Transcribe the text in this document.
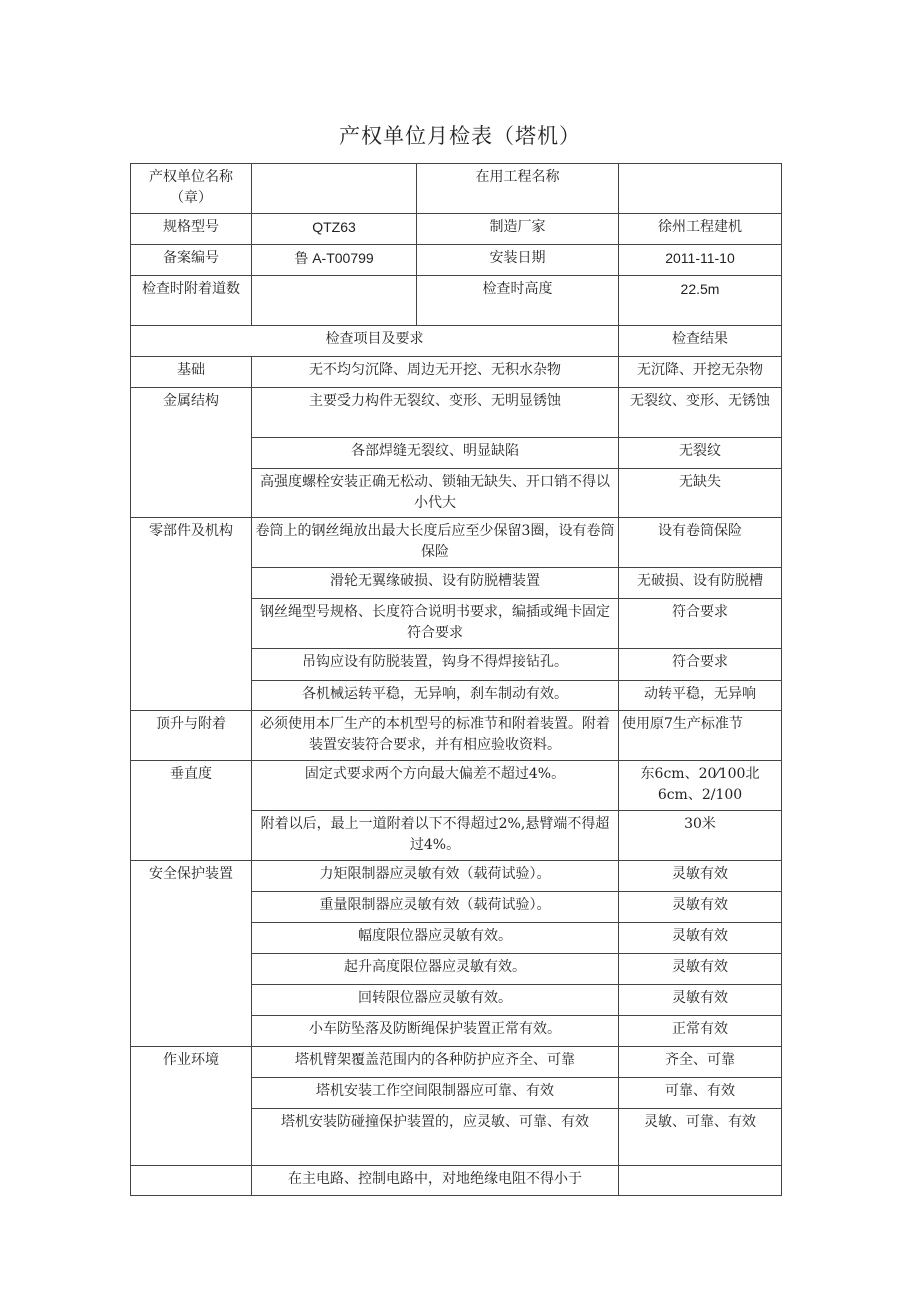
产权单位月检表（塔机）
产权单位名称（章）		在用工程名称	
规格型号	QTZ63	制造厂家	徐州工程建机
备案编号	鲁 A-T00799	安装日期	2011-11-10
检查时附着道数		检查时高度	22.5m
检查项目及要求			检查结果
基础	无不均匀沉降、周边无开挖、无积水杂物		无沉降、开挖无杂物
金属结构	主要受力构件无裂纹、变形、无明显锈蚀		无裂纹、变形、无锈蚀
	各部焊缝无裂纹、明显缺陷		无裂纹
	高强度螺栓安装正确无松动、锁轴无缺失、开口销不得以小代大		无缺失
零部件及机构	卷筒上的钢丝绳放出最大长度后应至少保留3圈，设有卷筒保险		设有卷筒保险
	滑轮无翼缘破损、设有防脱槽装置		无破损、设有防脱槽
	钢丝绳型号规格、长度符合说明书要求，编插或绳卡固定符合要求		符合要求
	吊钩应设有防脱装置，钩身不得焊接钻孔。		符合要求
	各机械运转平稳，无异响，刹车制动有效。		动转平稳，无异响
顶升与附着	必须使用本厂生产的本机型号的标准节和附着装置。附着装置安装符合要求，并有相应验收资料。		使用原7生产标准节
垂直度	固定式要求两个方向最大偏差不超过4%。		东6cm、20⁄100北6cm、2/100
	附着以后，最上一道附着以下不得超过2%,悬臂端不得超过4%。		30米
安全保护装置	力矩限制器应灵敏有效（载荷试验）。		灵敏有效
	重量限制器应灵敏有效（载荷试验）。		灵敏有效
	幅度限位器应灵敏有效。		灵敏有效
	起升高度限位器应灵敏有效。		灵敏有效
	回转限位器应灵敏有效。		灵敏有效
	小车防坠落及防断绳保护装置正常有效。		正常有效
作业环境	塔机臂架覆盖范围内的各种防护应齐全、可靠		齐全、可靠
	塔机安装工作空间限制器应可靠、有效		可靠、有效
	塔机安装防碰撞保护装置的，应灵敏、可靠、有效		灵敏、可靠、有效
	在主电路、控制电路中，对地绝缘电阻不得小于		
